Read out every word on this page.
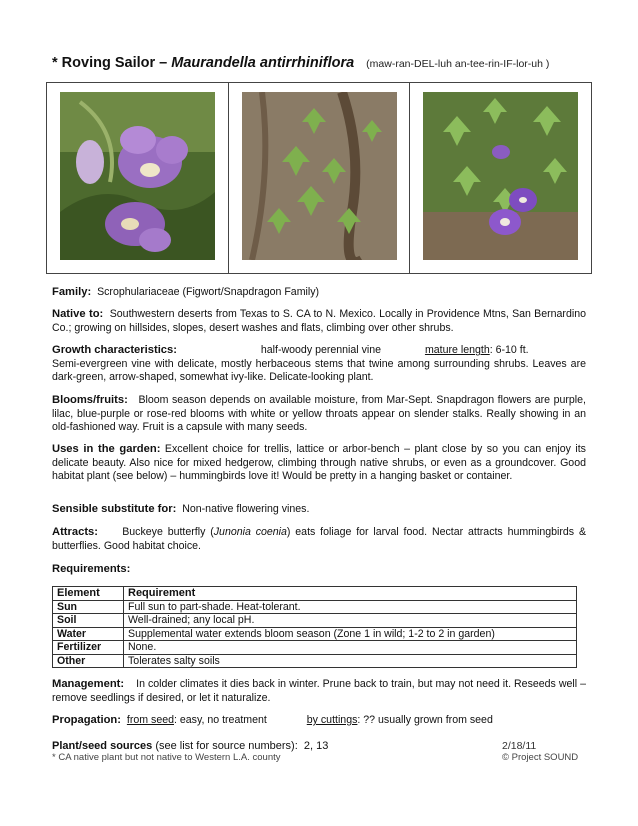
* Roving Sailor – Maurandella antirrhiniflora (maw-ran-DEL-luh an-tee-rin-IF-lor-uh )
Family: Scrophulariaceae (Figwort/Snapdragon Family)
Native to: Southwestern deserts from Texas to S. CA to N. Mexico. Locally in Providence Mtns, San Bernardino Co.; growing on hillsides, slopes, desert washes and flats, climbing over other shrubs.
Growth characteristics:	half-woody perennial vine	mature length: 6-10 ft.
Semi-evergreen vine with delicate, mostly herbaceous stems that twine among surrounding shrubs. Leaves are dark-green, arrow-shaped, somewhat ivy-like. Delicate-looking plant.
Blooms/fruits: Bloom season depends on available moisture, from Mar-Sept. Snapdragon flowers are purple, lilac, blue-purple or rose-red blooms with white or yellow throats appear on slender stalks. Really showing in an old-fashioned way. Fruit is a capsule with many seeds.
Uses in the garden: Excellent choice for trellis, lattice or arbor-bench – plant close by so you can enjoy its delicate beauty. Also nice for mixed hedgerow, climbing through native shrubs, or even as a groundcover. Good habitat plant (see below) – hummingbirds love it! Would be pretty in a hanging basket or container.
Sensible substitute for: Non-native flowering vines.
Attracts: Buckeye butterfly (Junonia coenia) eats foliage for larval food. Nectar attracts hummingbirds & butterflies. Good habitat choice.
Requirements:
Element	Requirement
Sun	Full sun to part-shade. Heat-tolerant.
Soil	Well-drained; any local pH.
Water	Supplemental water extends bloom season (Zone 1 in wild; 1-2 to 2 in garden)
Fertilizer	None.
Other	Tolerates salty soils
Management: In colder climates it dies back in winter. Prune back to train, but may not need it. Reseeds well – remove seedlings if desired, or let it naturalize.
Propagation: from seed: easy, no treatment	by cuttings: ?? usually grown from seed
Plant/seed sources (see list for source numbers): 2, 13	2/18/11
* CA native plant but not native to Western L.A. county	© Project SOUND
